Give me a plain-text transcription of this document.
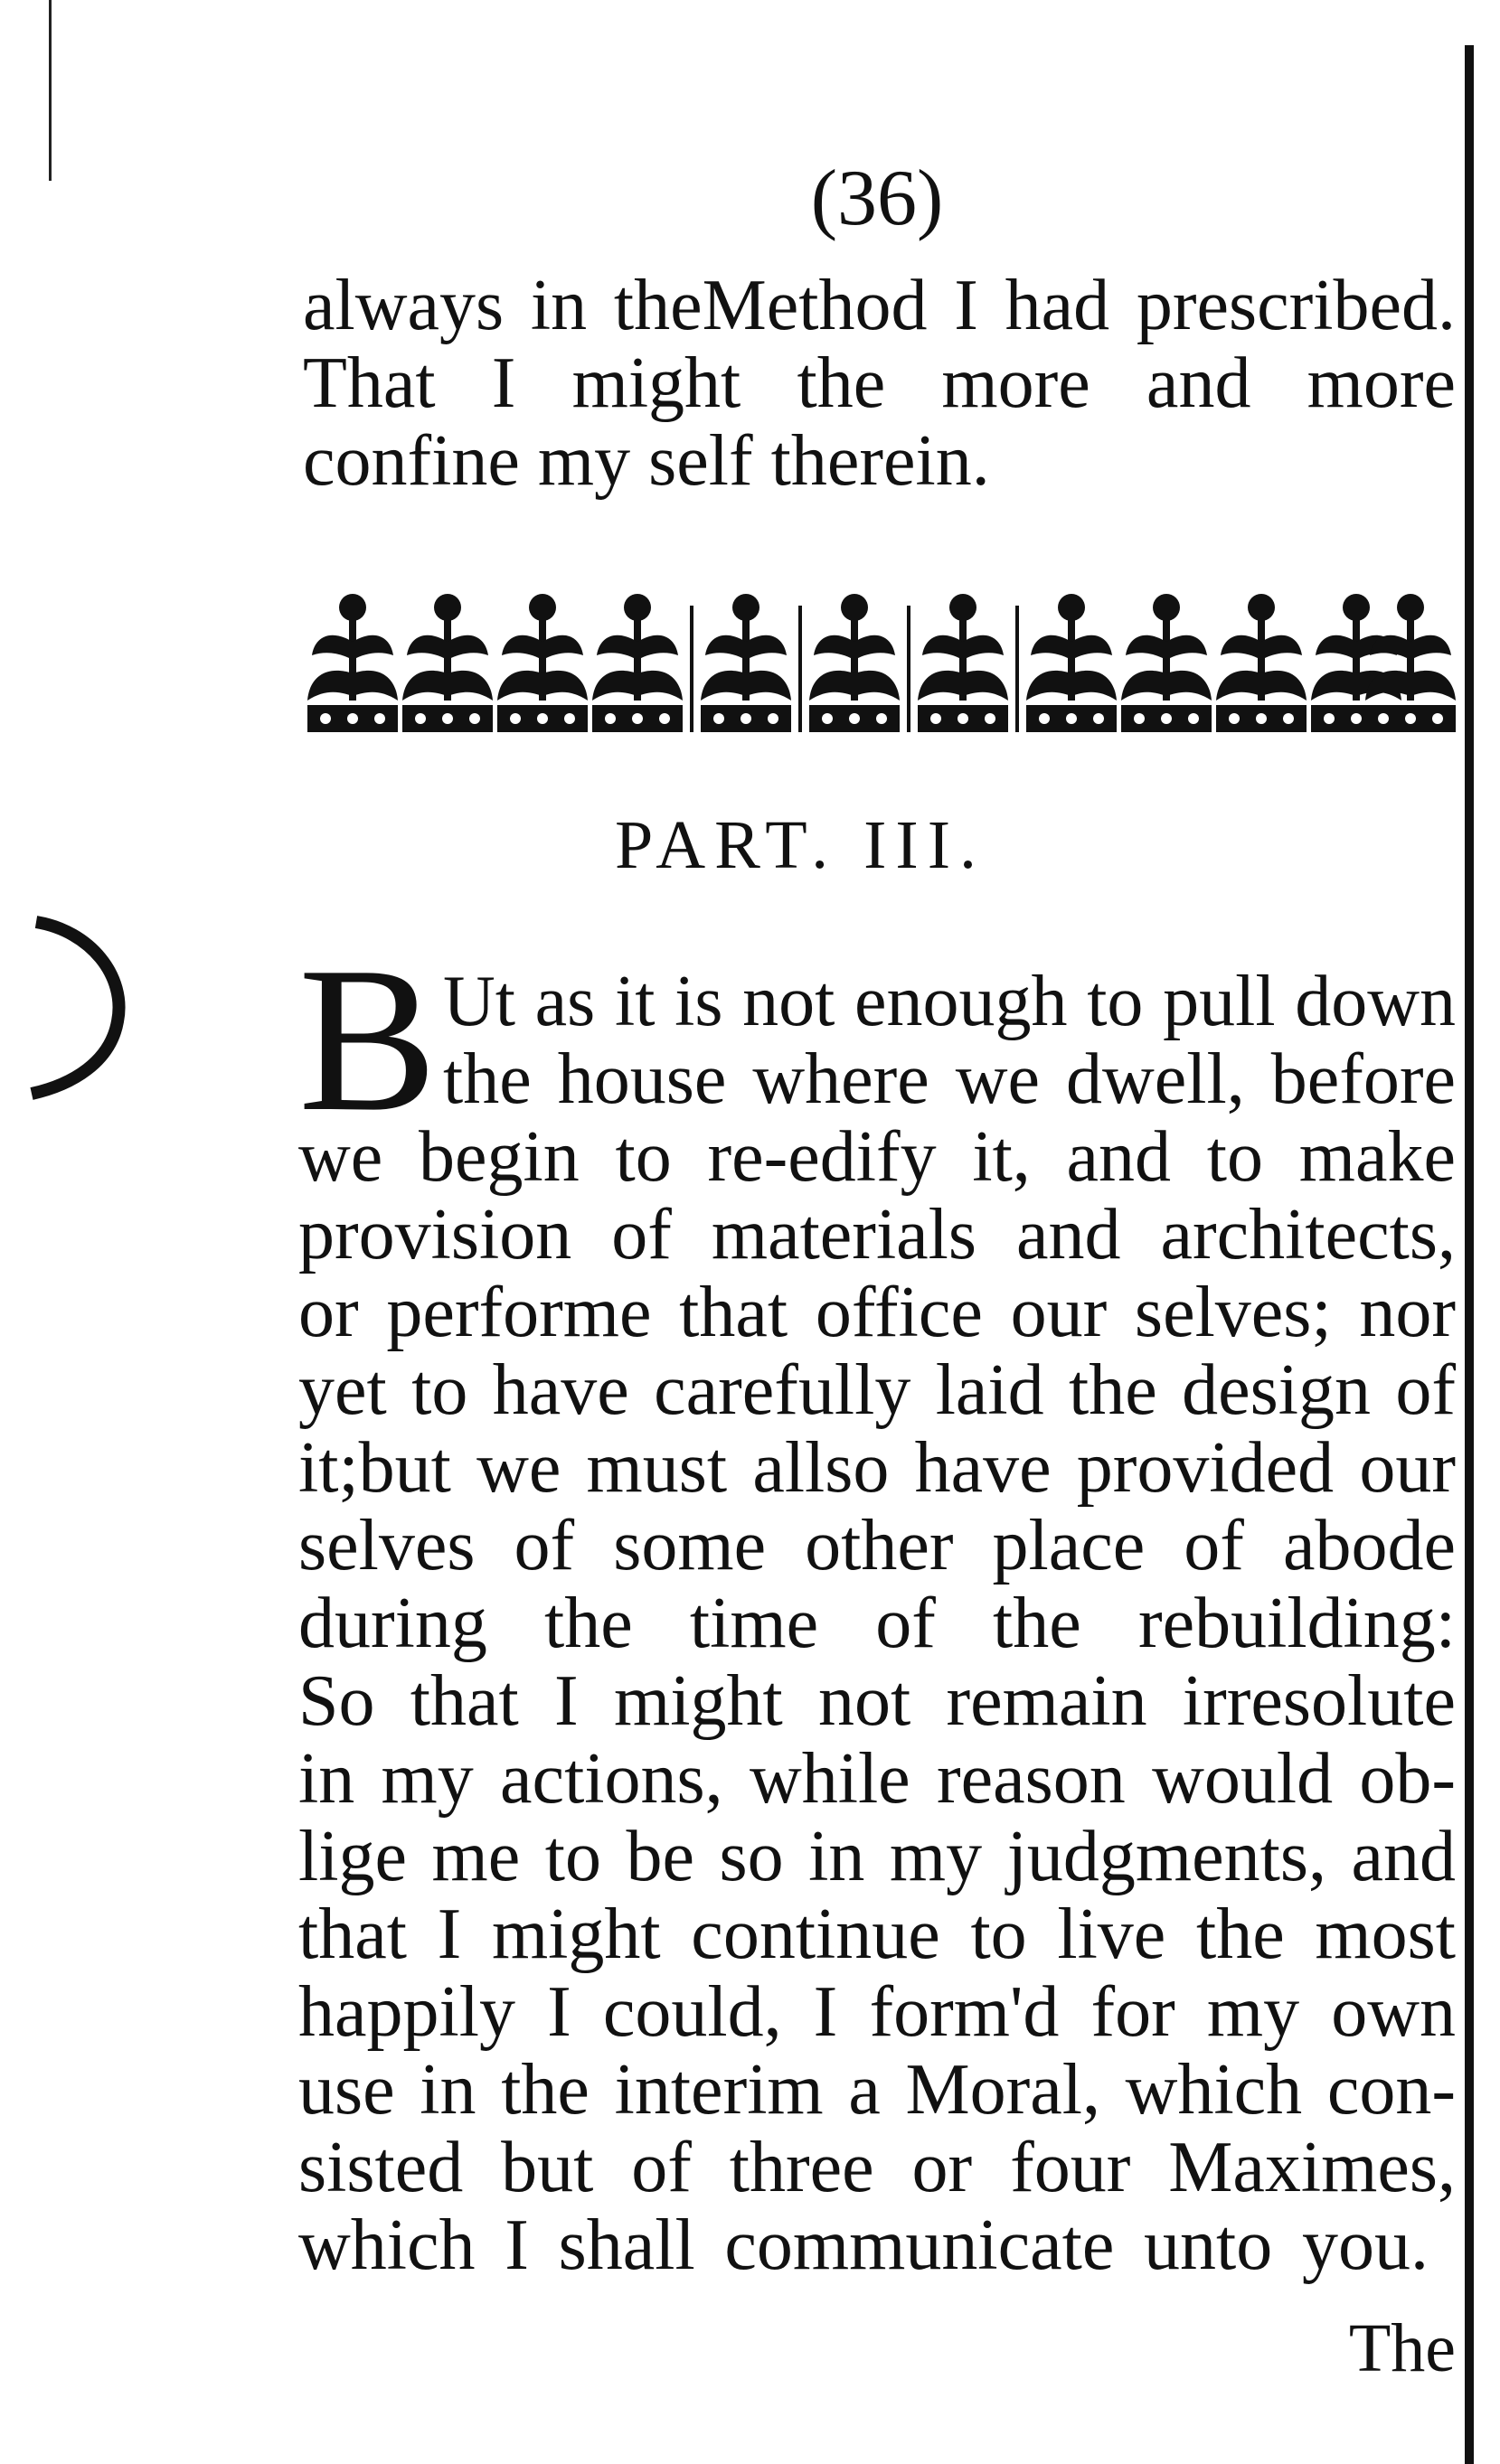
(36)
always in theMethod I had prescribed.
That I might the more and more
confine my self therein.
PART. III.
B Ut as it is not enough to pull down
the house where we dwell, before
we begin to re-edify it, and to make
provision of materials and architects,
or performe that office our selves; nor
yet to have carefully laid the design of
it;but we must allso have provided our
selves of some other place of abode
during the time of the rebuilding:
So that I might not remain irresolute
in my actions, while reason would ob-
lige me to be so in my judgments, and
that I might continue to live the most
happily I could, I form'd for my own
use in the interim a Moral, which con-
sisted but of three or four Maximes,
which I shall communicate unto you.
The
